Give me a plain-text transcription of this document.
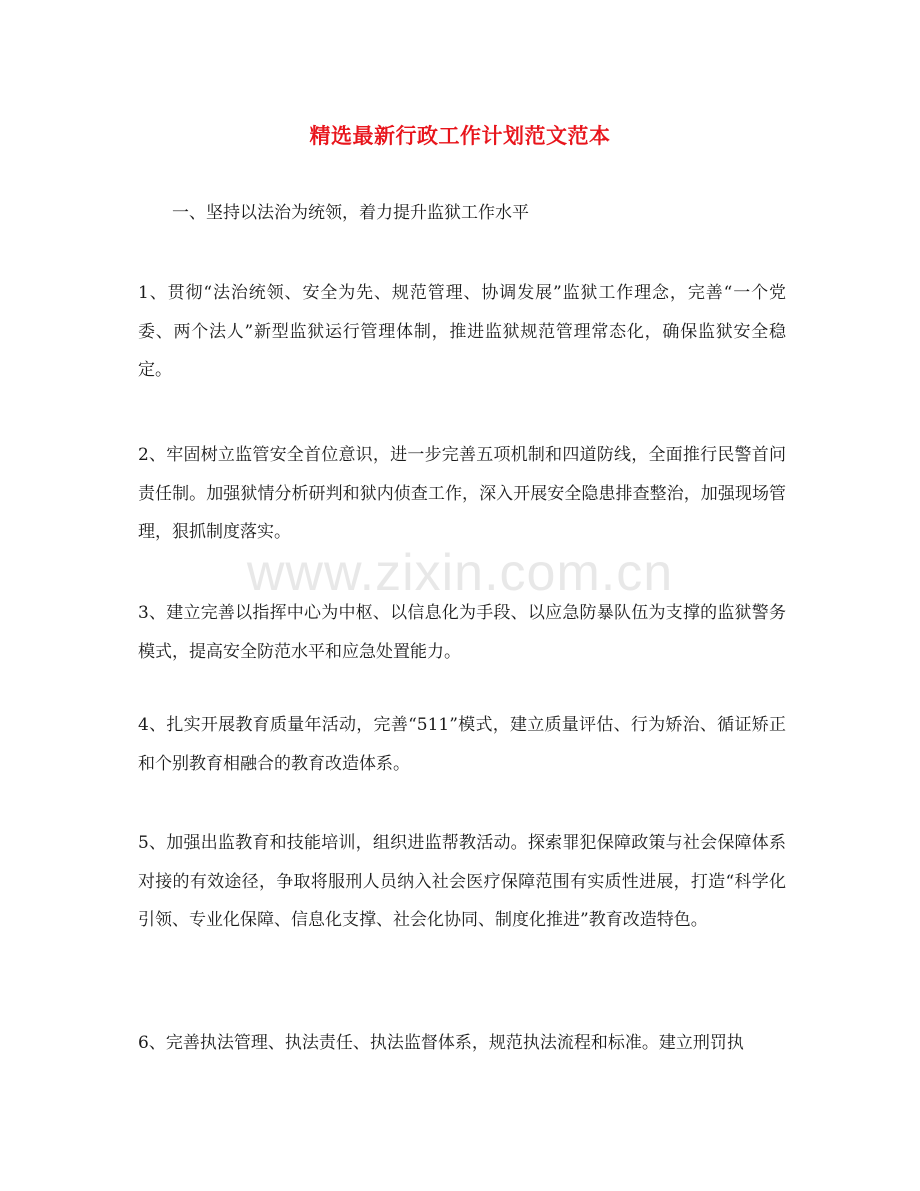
精选最新行政工作计划范文范本
一、坚持以法治为统领，着力提升监狱工作水平
1、贯彻“法治统领、安全为先、规范管理、协调发展”监狱工作理念，完善“一个党委、两个法人”新型监狱运行管理体制，推进监狱规范管理常态化，确保监狱安全稳定。
2、牢固树立监管安全首位意识，进一步完善五项机制和四道防线，全面推行民警首问责任制。加强狱情分析研判和狱内侦查工作，深入开展安全隐患排查整治，加强现场管理，狠抓制度落实。
3、建立完善以指挥中心为中枢、以信息化为手段、以应急防暴队伍为支撑的监狱警务模式，提高安全防范水平和应急处置能力。
4、扎实开展教育质量年活动，完善“511”模式，建立质量评估、行为矫治、循证矫正和个别教育相融合的教育改造体系。
5、加强出监教育和技能培训，组织进监帮教活动。探索罪犯保障政策与社会保障体系对接的有效途径，争取将服刑人员纳入社会医疗保障范围有实质性进展，打造“科学化引领、专业化保障、信息化支撑、社会化协同、制度化推进”教育改造特色。
6、完善执法管理、执法责任、执法监督体系，规范执法流程和标准。建立刑罚执
www.zixin.com.cn
